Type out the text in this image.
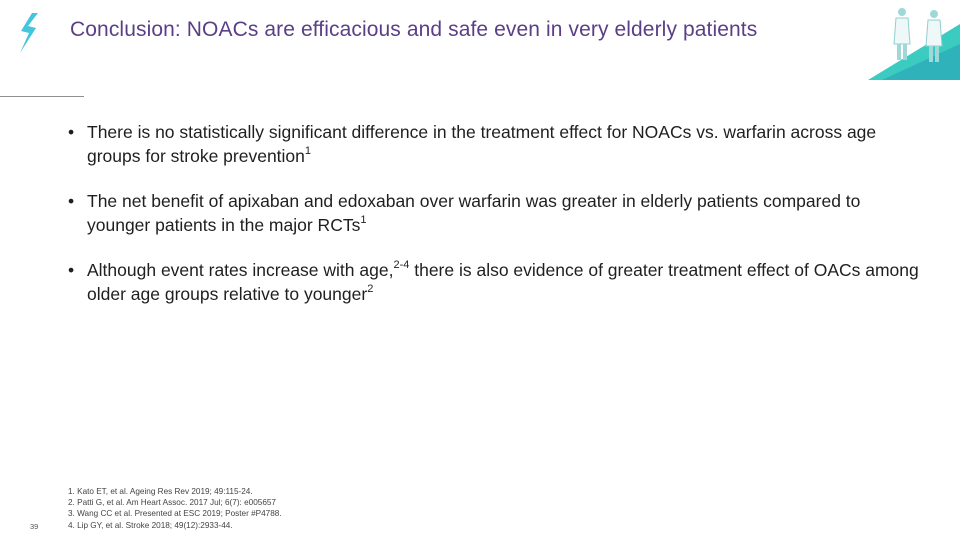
Conclusion: NOACs are efficacious and safe even in very elderly patients
• There is no statistically significant difference in the treatment effect for NOACs vs. warfarin across age groups for stroke prevention$^1$
• The net benefit of apixaban and edoxaban over warfarin was greater in elderly patients compared to younger patients in the major RCTs$^1$
• Although event rates increase with age,$^{2-4}$ there is also evidence of greater treatment effect of OACs among older age groups relative to younger$^2$
1. Kato ET, et al. Ageing Res Rev 2019; 49:115-24.
2. Patti G, et al. Am Heart Assoc. 2017 Jul; 6(7): e005657
3. Wang CC et al. Presented at ESC 2019; Poster #P4788.
4. Lip GY, et al. Stroke 2018; 49(12):2933-44.
39
